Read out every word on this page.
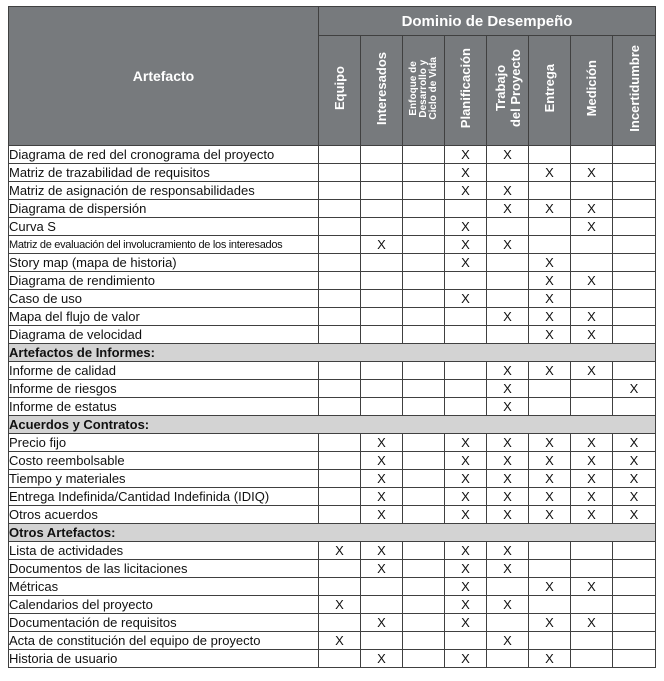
Artefacto	Dominio de Desempeño							

	Equipo	Interesados	Enfoque de Desarrollo y Ciclo de Vida	Planificación	Trabajo del Proyecto	Entrega	Medición	Incertidumbre

Diagrama de red del cronograma del proyecto				X	X			
Matriz de trazabilidad de requisitos				X		X	X	
Matriz de asignación de responsabilidades				X	X			
Diagrama de dispersión					X	X	X	
Curva S				X			X	
Matriz de evaluación del involucramiento de los interesados		X		X	X			
Story map (mapa de historia)				X		X		
Diagrama de rendimiento						X	X	
Caso de uso				X		X		
Mapa del flujo de valor					X	X	X	
Diagrama de velocidad						X	X	
Artefactos de Informes:								
Informe de calidad					X	X	X	
Informe de riesgos					X			X
Informe de estatus					X			
Acuerdos y Contratos:								
Precio fijo		X		X	X	X	X	X
Costo reembolsable		X		X	X	X	X	X
Tiempo y materiales		X		X	X	X	X	X
Entrega Indefinida/Cantidad Indefinida (IDIQ)		X		X	X	X	X	X
Otros acuerdos		X		X	X	X	X	X
Otros Artefactos:								
Lista de actividades	X	X		X	X			
Documentos de las licitaciones		X		X	X			
Métricas				X		X	X	
Calendarios del proyecto	X			X	X			
Documentación de requisitos		X		X		X	X	
Acta de constitución del equipo de proyecto	X				X			
Historia de usuario		X		X		X		
